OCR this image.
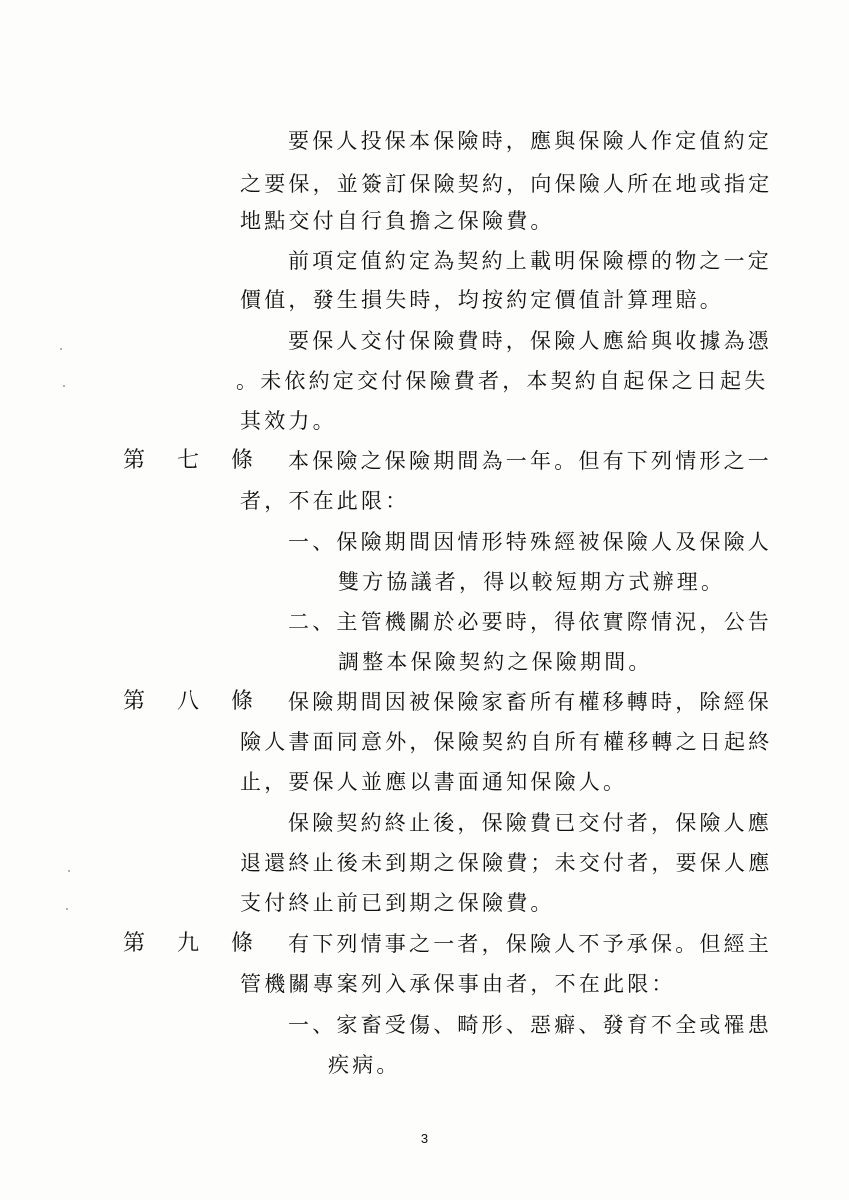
要保人投保本保險時，應與保險人作定值約定
之要保，並簽訂保險契約，向保險人所在地或指定
地點交付自行負擔之保險費。
前項定值約定為契約上載明保險標的物之一定
價值，發生損失時，均按約定價值計算理賠。
要保人交付保險費時，保險人應給與收據為憑
。未依約定交付保險費者，本契約自起保之日起失
其效力。
第 七 條 本保險之保險期間為一年。但有下列情形之一
者，不在此限：
一、保險期間因情形特殊經被保險人及保險人
雙方協議者，得以較短期方式辦理。
二、主管機關於必要時，得依實際情況，公告
調整本保險契約之保險期間。
第 八 條 保險期間因被保險家畜所有權移轉時，除經保
險人書面同意外，保險契約自所有權移轉之日起終
止，要保人並應以書面通知保險人。
保險契約終止後，保險費已交付者，保險人應
退還終止後未到期之保險費；未交付者，要保人應
支付終止前已到期之保險費。
第 九 條 有下列情事之一者，保險人不予承保。但經主
管機關專案列入承保事由者，不在此限：
一、家畜受傷、畸形、惡癖、發育不全或罹患
疾病。
3
